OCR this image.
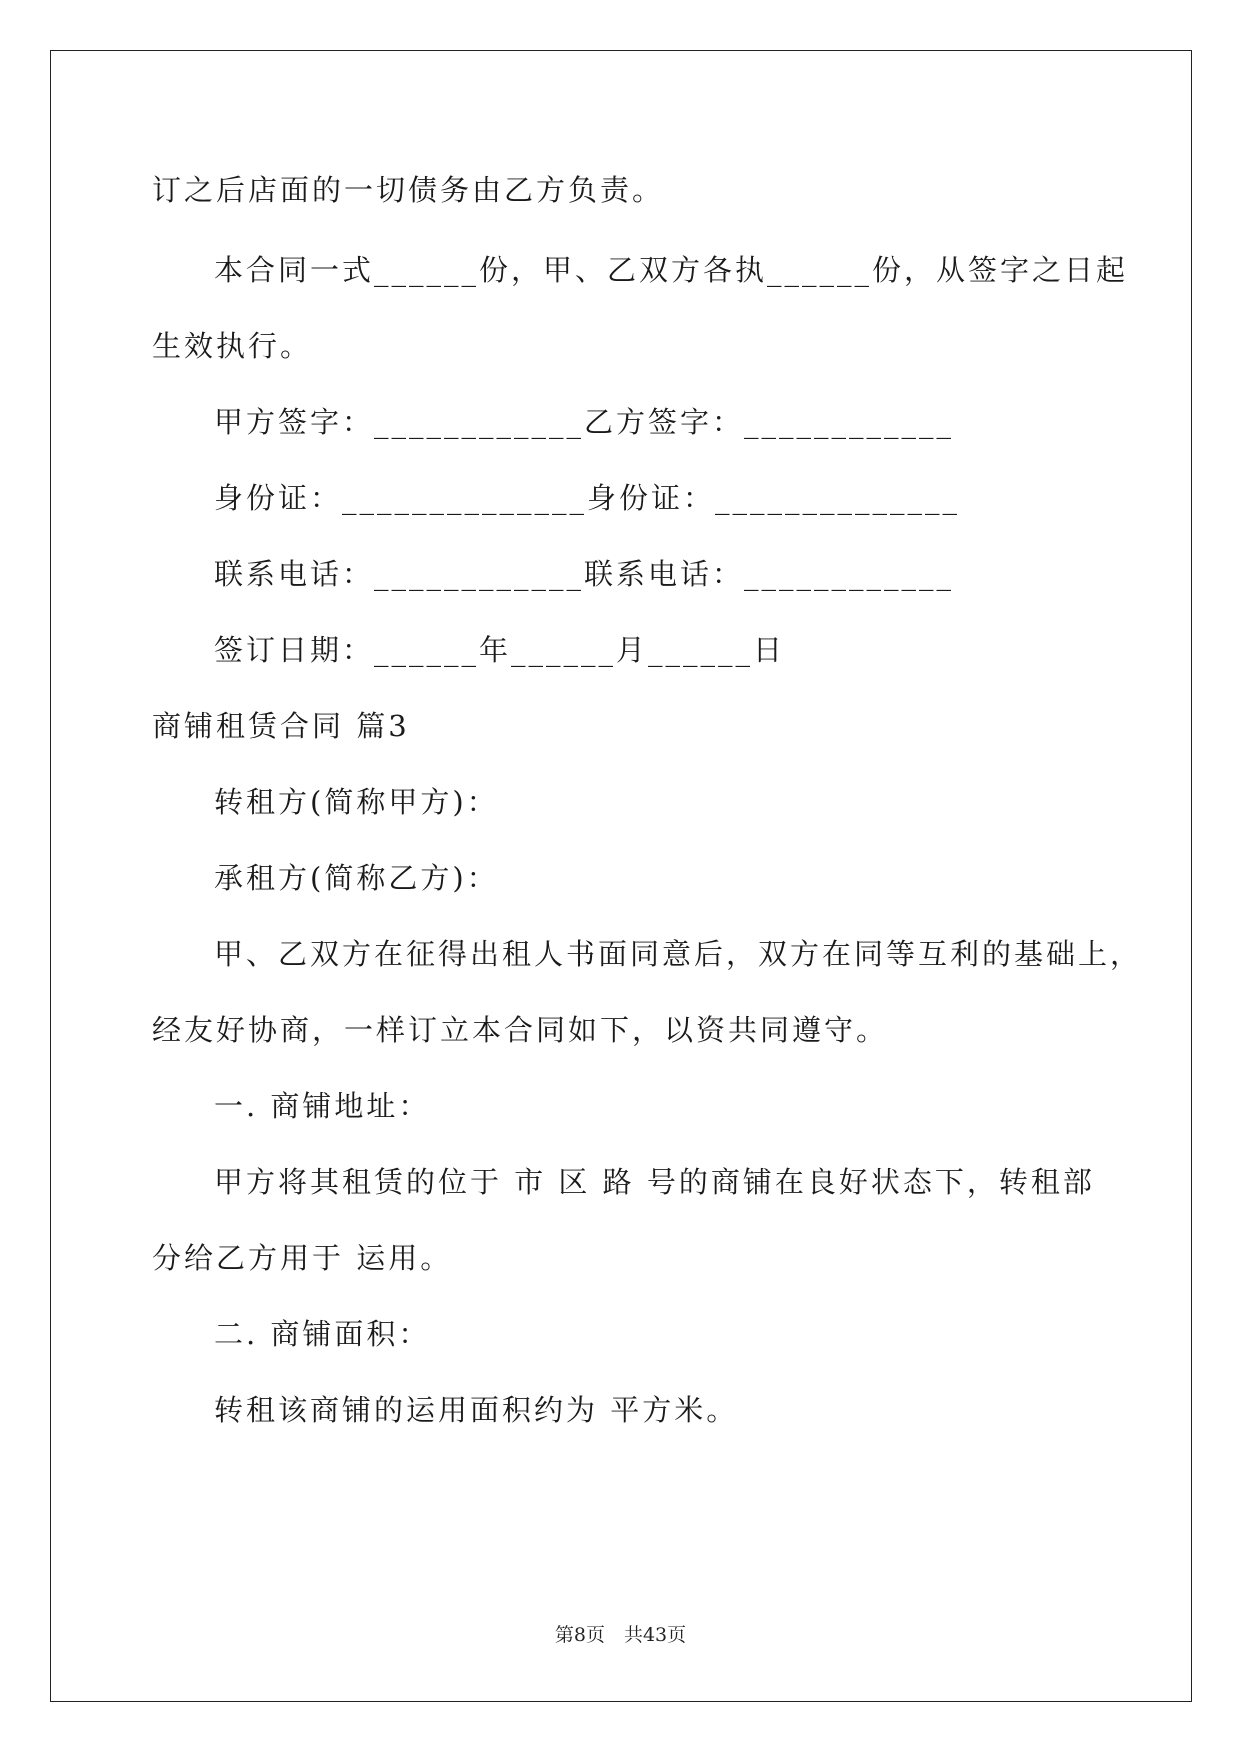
订之后店面的一切债务由乙方负责。
本合同一式______份，甲、乙双方各执______份，从签字之日起
生效执行。
甲方签字：____________乙方签字：____________
身份证：______________身份证：______________
联系电话：____________联系电话：____________
签订日期：______年______月______日
商铺租赁合同 篇3
转租方(简称甲方)：
承租方(简称乙方)：
甲、乙双方在征得出租人书面同意后，双方在同等互利的基础上，
经友好协商，一样订立本合同如下，以资共同遵守。
一. 商铺地址：
甲方将其租赁的位于 市 区 路 号的商铺在良好状态下，转租部
分给乙方用于 运用。
二. 商铺面积：
转租该商铺的运用面积约为 平方米。
第8页　共43页
